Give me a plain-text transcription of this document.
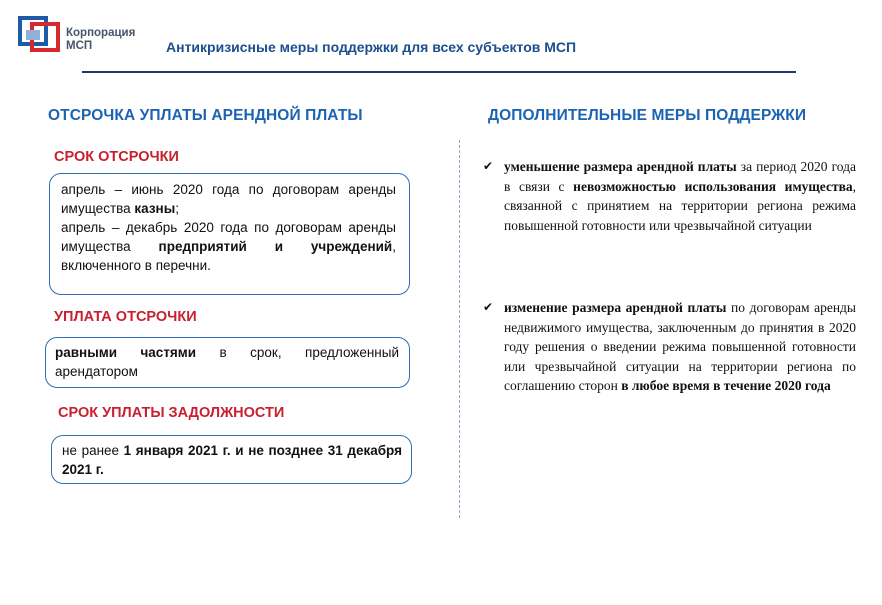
Корпорация
МСП	Антикризисные меры поддержки для всех субъектов МСП
ОТСРОЧКА УПЛАТЫ АРЕНДНОЙ ПЛАТЫ
СРОК ОТСРОЧКИ

апрель – июнь 2020 года по договорам аренды имущества казны;

апрель – декабрь 2020 года по договорам аренды имущества предприятий и учреждений, включенного в перечни.

УПЛАТА ОТСРОЧКИ

равными частями в срок, предложенный арендатором

СРОК УПЛАТЫ ЗАДОЛЖНОСТИ

не ранее 1 января 2021 г. и не позднее 31 декабря 2021 г.

ДОПОЛНИТЕЛЬНЫЕ МЕРЫ ПОДДЕРЖКИ
✔ уменьшение размера арендной платы за период 2020 года в связи с невозможностью использования имущества, связанной с принятием на территории региона режима повышенной готовности или чрезвычайной ситуации
✔ изменение размера арендной платы по договорам аренды недвижимого имущества, заключенным до принятия в 2020 году решения о введении режима повышенной готовности или чрезвычайной ситуации на территории региона по соглашению сторон в любое время в течение 2020 года
